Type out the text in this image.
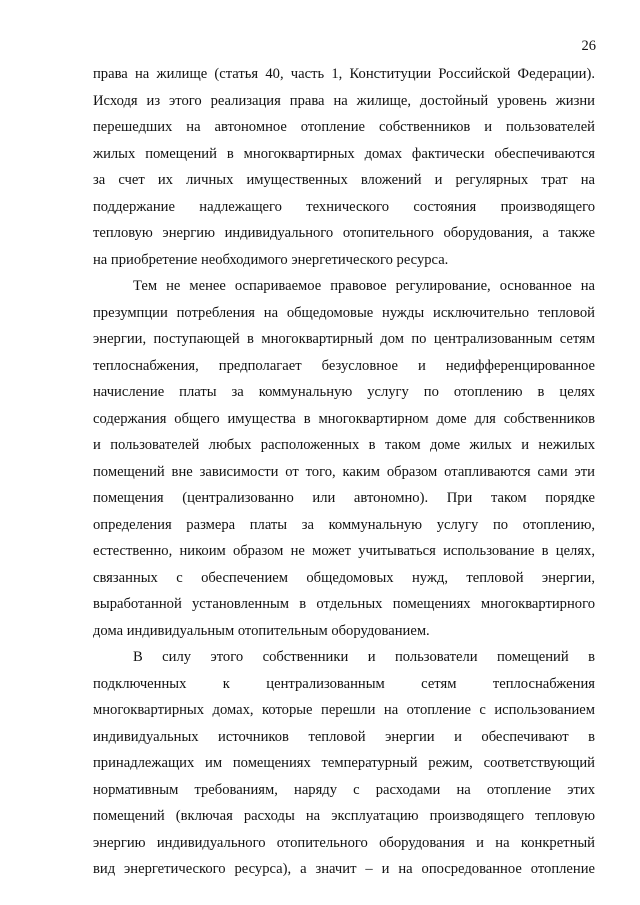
26
права на жилище (статья 40, часть 1, Конституции Российской Федерации).
Исходя из этого реализация права на жилище, достойный уровень жизни
перешедших на автономное отопление собственников и пользователей
жилых помещений в многоквартирных домах фактически обеспечиваются
за счет их личных имущественных вложений и регулярных трат на
поддержание надлежащего технического состояния производящего
тепловую энергию индивидуального отопительного оборудования, а также
на приобретение необходимого энергетического ресурса.
Тем не менее оспариваемое правовое регулирование, основанное на
презумпции потребления на общедомовые нужды исключительно тепловой
энергии, поступающей в многоквартирный дом по централизованным сетям
теплоснабжения, предполагает безусловное и недифференцированное
начисление платы за коммунальную услугу по отоплению в целях
содержания общего имущества в многоквартирном доме для собственников
и пользователей любых расположенных в таком доме жилых и нежилых
помещений вне зависимости от того, каким образом отапливаются сами эти
помещения (централизованно или автономно). При таком порядке
определения размера платы за коммунальную услугу по отоплению,
естественно, никоим образом не может учитываться использование в целях,
связанных с обеспечением общедомовых нужд, тепловой энергии,
выработанной установленным в отдельных помещениях многоквартирного
дома индивидуальным отопительным оборудованием.
В силу этого собственники и пользователи помещений в
подключенных к централизованным сетям теплоснабжения
многоквартирных домах, которые перешли на отопление с использованием
индивидуальных источников тепловой энергии и обеспечивают в
принадлежащих им помещениях температурный режим, соответствующий
нормативным требованиям, наряду с расходами на отопление этих
помещений (включая расходы на эксплуатацию производящего тепловую
энергию индивидуального отопительного оборудования и на конкретный
вид энергетического ресурса), а значит – и на опосредованное отопление
